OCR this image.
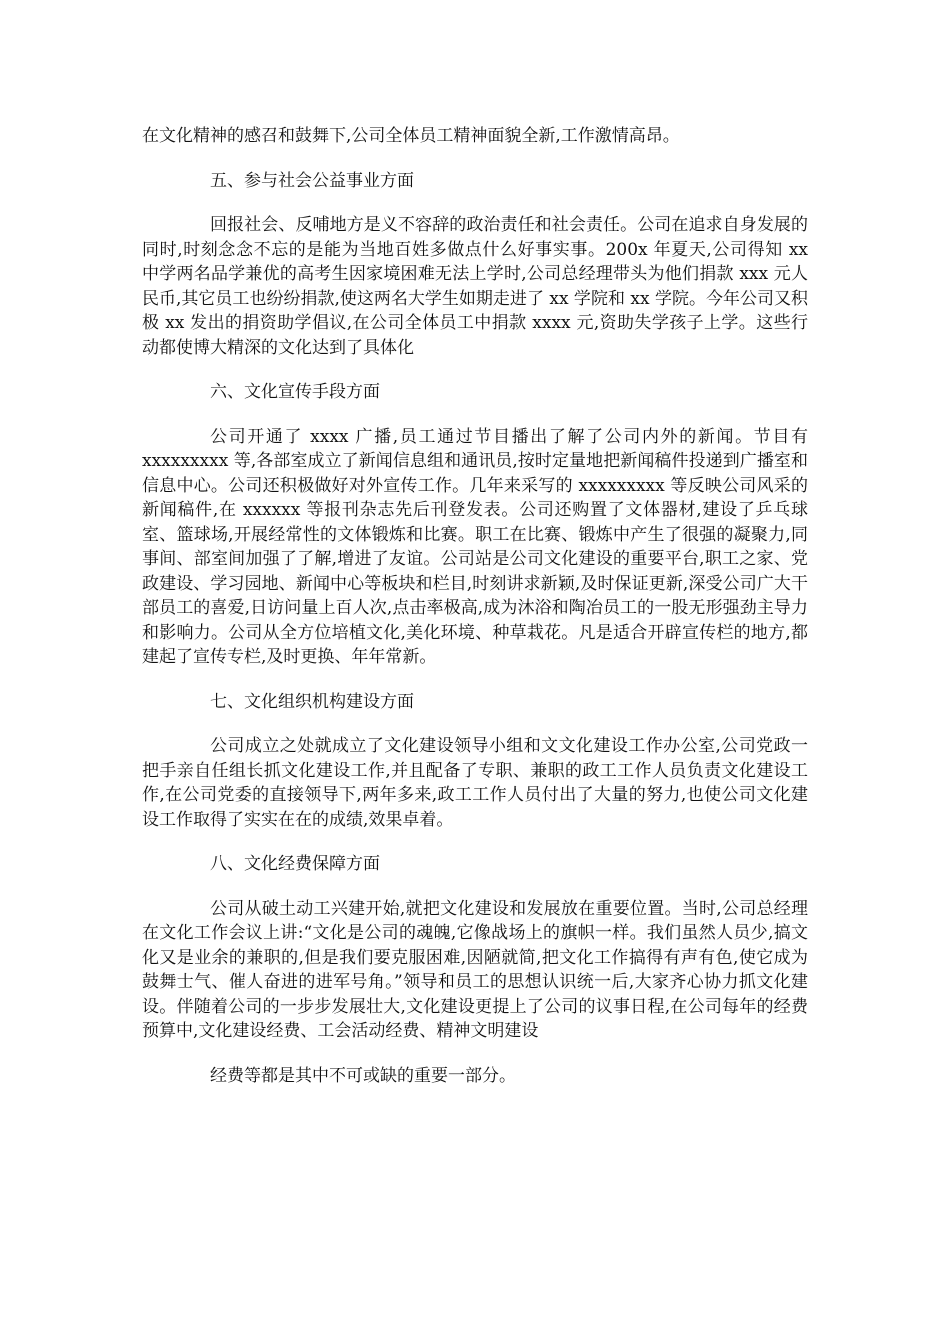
在文化精神的感召和鼓舞下,公司全体员工精神面貌全新,工作激情高昂。

五、参与社会公益事业方面

回报社会、反哺地方是义不容辞的政治责任和社会责任。公司在追求自身发展的同时,时刻念念不忘的是能为当地百姓多做点什么好事实事。200x 年夏天,公司得知 xx 中学两名品学兼优的高考生因家境困难无法上学时,公司总经理带头为他们捐款 xxx 元人民币,其它员工也纷纷捐款,使这两名大学生如期走进了 xx 学院和 xx 学院。今年公司又积极 xx 发出的捐资助学倡议,在公司全体员工中捐款 xxxx 元,资助失学孩子上学。这些行动都使博大精深的文化达到了具体化

六、文化宣传手段方面

公司开通了 xxxx 广播,员工通过节目播出了解了公司内外的新闻。节目有 xxxxxxxxx 等,各部室成立了新闻信息组和通讯员,按时定量地把新闻稿件投递到广播室和信息中心。公司还积极做好对外宣传工作。几年来采写的 xxxxxxxxx 等反映公司风采的新闻稿件,在 xxxxxx 等报刊杂志先后刊登发表。公司还购置了文体器材,建设了乒乓球室、篮球场,开展经常性的文体锻炼和比赛。职工在比赛、锻炼中产生了很强的凝聚力,同事间、部室间加强了了解,增进了友谊。公司站是公司文化建设的重要平台,职工之家、党政建设、学习园地、新闻中心等板块和栏目,时刻讲求新颖,及时保证更新,深受公司广大干部员工的喜爱,日访问量上百人次,点击率极高,成为沐浴和陶冶员工的一股无形强劲主导力和影响力。公司从全方位培植文化,美化环境、种草栽花。凡是适合开辟宣传栏的地方,都建起了宣传专栏,及时更换、年年常新。

七、文化组织机构建设方面

公司成立之处就成立了文化建设领导小组和文文化建设工作办公室,公司党政一把手亲自任组长抓文化建设工作,并且配备了专职、兼职的政工工作人员负责文化建设工作,在公司党委的直接领导下,两年多来,政工工作人员付出了大量的努力,也使公司文化建设工作取得了实实在在的成绩,效果卓着。

八、文化经费保障方面

公司从破土动工兴建开始,就把文化建设和发展放在重要位置。当时,公司总经理在文化工作会议上讲:“文化是公司的魂魄,它像战场上的旗帜一样。我们虽然人员少,搞文化又是业余的兼职的,但是我们要克服困难,因陋就简,把文化工作搞得有声有色,使它成为鼓舞士气、催人奋进的进军号角。”领导和员工的思想认识统一后,大家齐心协力抓文化建设。伴随着公司的一步步发展壮大,文化建设更提上了公司的议事日程,在公司每年的经费预算中,文化建设经费、工会活动经费、精神文明建设

经费等都是其中不可或缺的重要一部分。
